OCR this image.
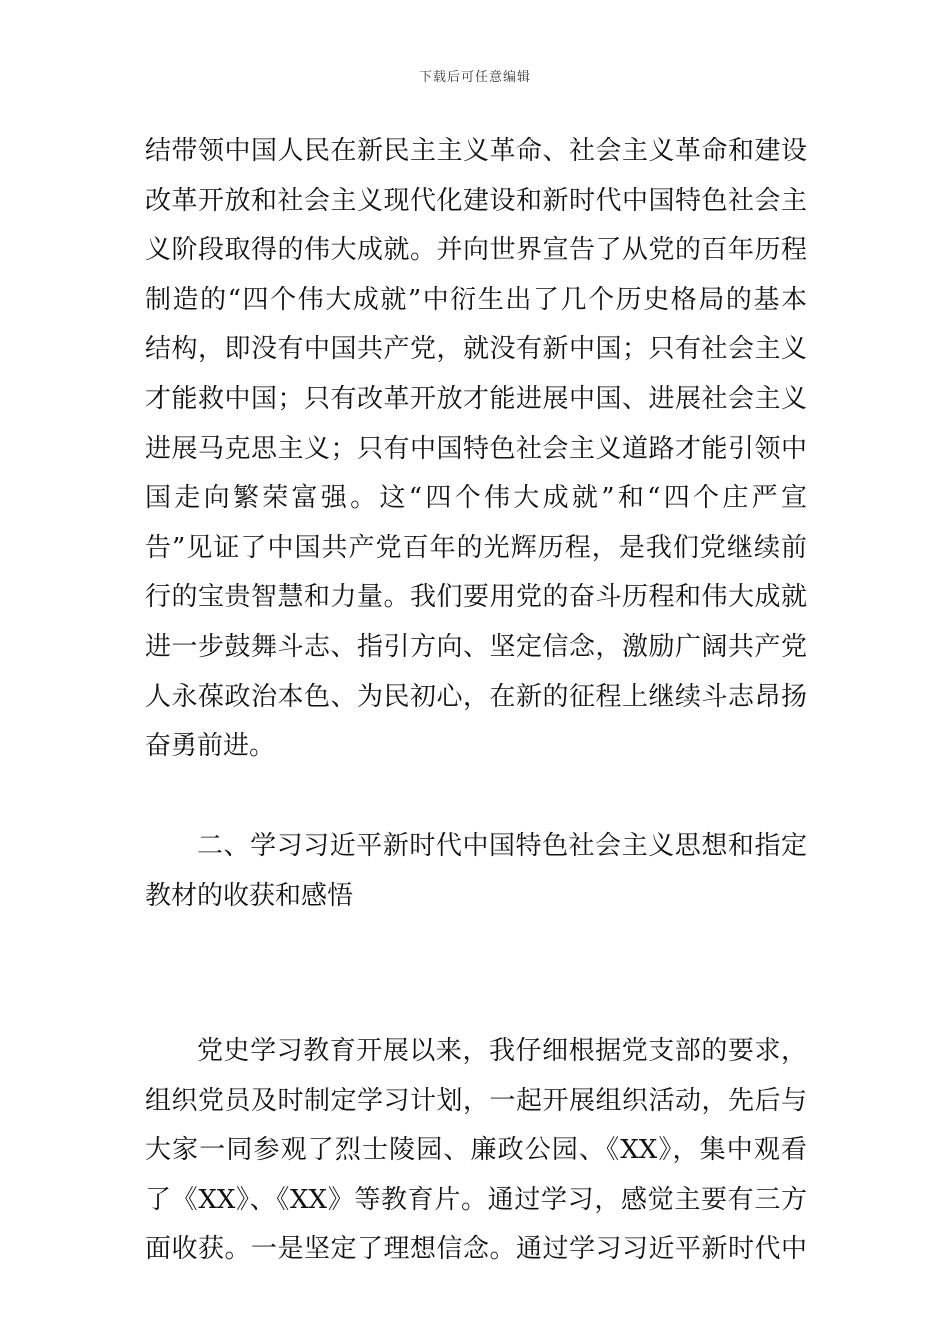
下载后可任意编辑
结带领中国人民在新民主主义革命、社会主义革命和建设
改革开放和社会主义现代化建设和新时代中国特色社会主
义阶段取得的伟大成就。并向世界宣告了从党的百年历程
制造的“四个伟大成就”中衍生出了几个历史格局的基本
结构，即没有中国共产党，就没有新中国；只有社会主义
才能救中国；只有改革开放才能进展中国、进展社会主义
进展马克思主义；只有中国特色社会主义道路才能引领中
国走向繁荣富强。这“四个伟大成就”和“四个庄严宣
告”见证了中国共产党百年的光辉历程，是我们党继续前
行的宝贵智慧和力量。我们要用党的奋斗历程和伟大成就
进一步鼓舞斗志、指引方向、坚定信念，激励广阔共产党
人永葆政治本色、为民初心，在新的征程上继续斗志昂扬
奋勇前进。
二、学习习近平新时代中国特色社会主义思想和指定
教材的收获和感悟
党史学习教育开展以来，我仔细根据党支部的要求，
组织党员及时制定学习计划，一起开展组织活动，先后与
大家一同参观了烈士陵园、廉政公园、《XX》，集中观看
了《XX》、《XX》等教育片。通过学习，感觉主要有三方
面收获。一是坚定了理想信念。通过学习习近平新时代中
